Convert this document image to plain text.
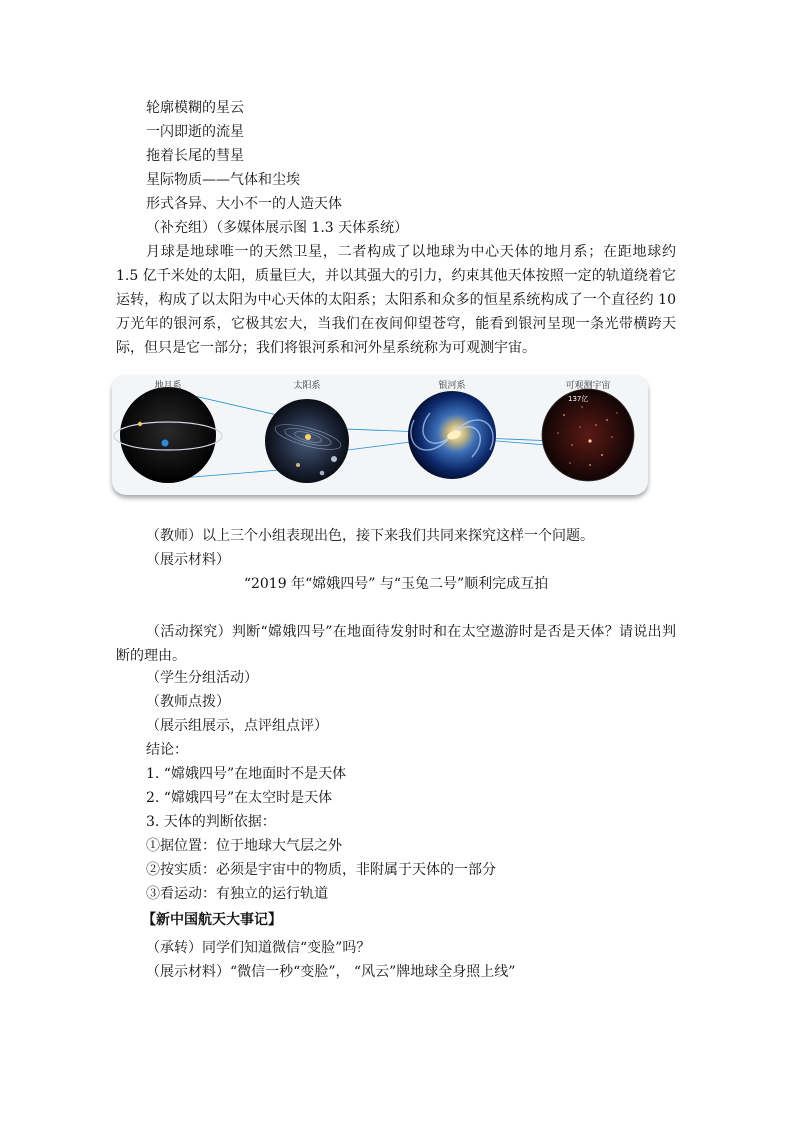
轮廓模糊的星云
一闪即逝的流星
拖着长尾的彗星
星际物质——气体和尘埃
形式各异、大小不一的人造天体
（补充组）（多媒体展示图 1.3 天体系统）
月球是地球唯一的天然卫星，二者构成了以地球为中心天体的地月系；在距地球约 1.5 亿千米处的太阳，质量巨大，并以其强大的引力，约束其他天体按照一定的轨道绕着它运转，构成了以太阳为中心天体的太阳系；太阳系和众多的恒星系统构成了一个直径约 10 万光年的银河系，它极其宏大，当我们在夜间仰望苍穹，能看到银河呈现一条光带横跨天际，但只是它一部分；我们将银河系和河外星系统称为可观测宇宙。
137亿
地月系	太阳系	银河系	可观测宇宙
（教师）以上三个小组表现出色，接下来我们共同来探究这样一个问题。
（展示材料）
“2019 年“嫦娥四号” 与“玉兔二号”顺利完成互拍
（活动探究）判断“嫦娥四号”在地面待发射时和在太空遨游时是否是天体？请说出判断的理由。
（学生分组活动）
（教师点拨）
（展示组展示，点评组点评）
结论：
1. “嫦娥四号”在地面时不是天体
2. “嫦娥四号”在太空时是天体
3. 天体的判断依据：
①据位置：位于地球大气层之外
②按实质：必须是宇宙中的物质，非附属于天体的一部分
③看运动：有独立的运行轨道
【新中国航天大事记】
（承转）同学们知道微信“变脸”吗？
（展示材料）“微信一秒“变脸”， “风云”牌地球全身照上线”
